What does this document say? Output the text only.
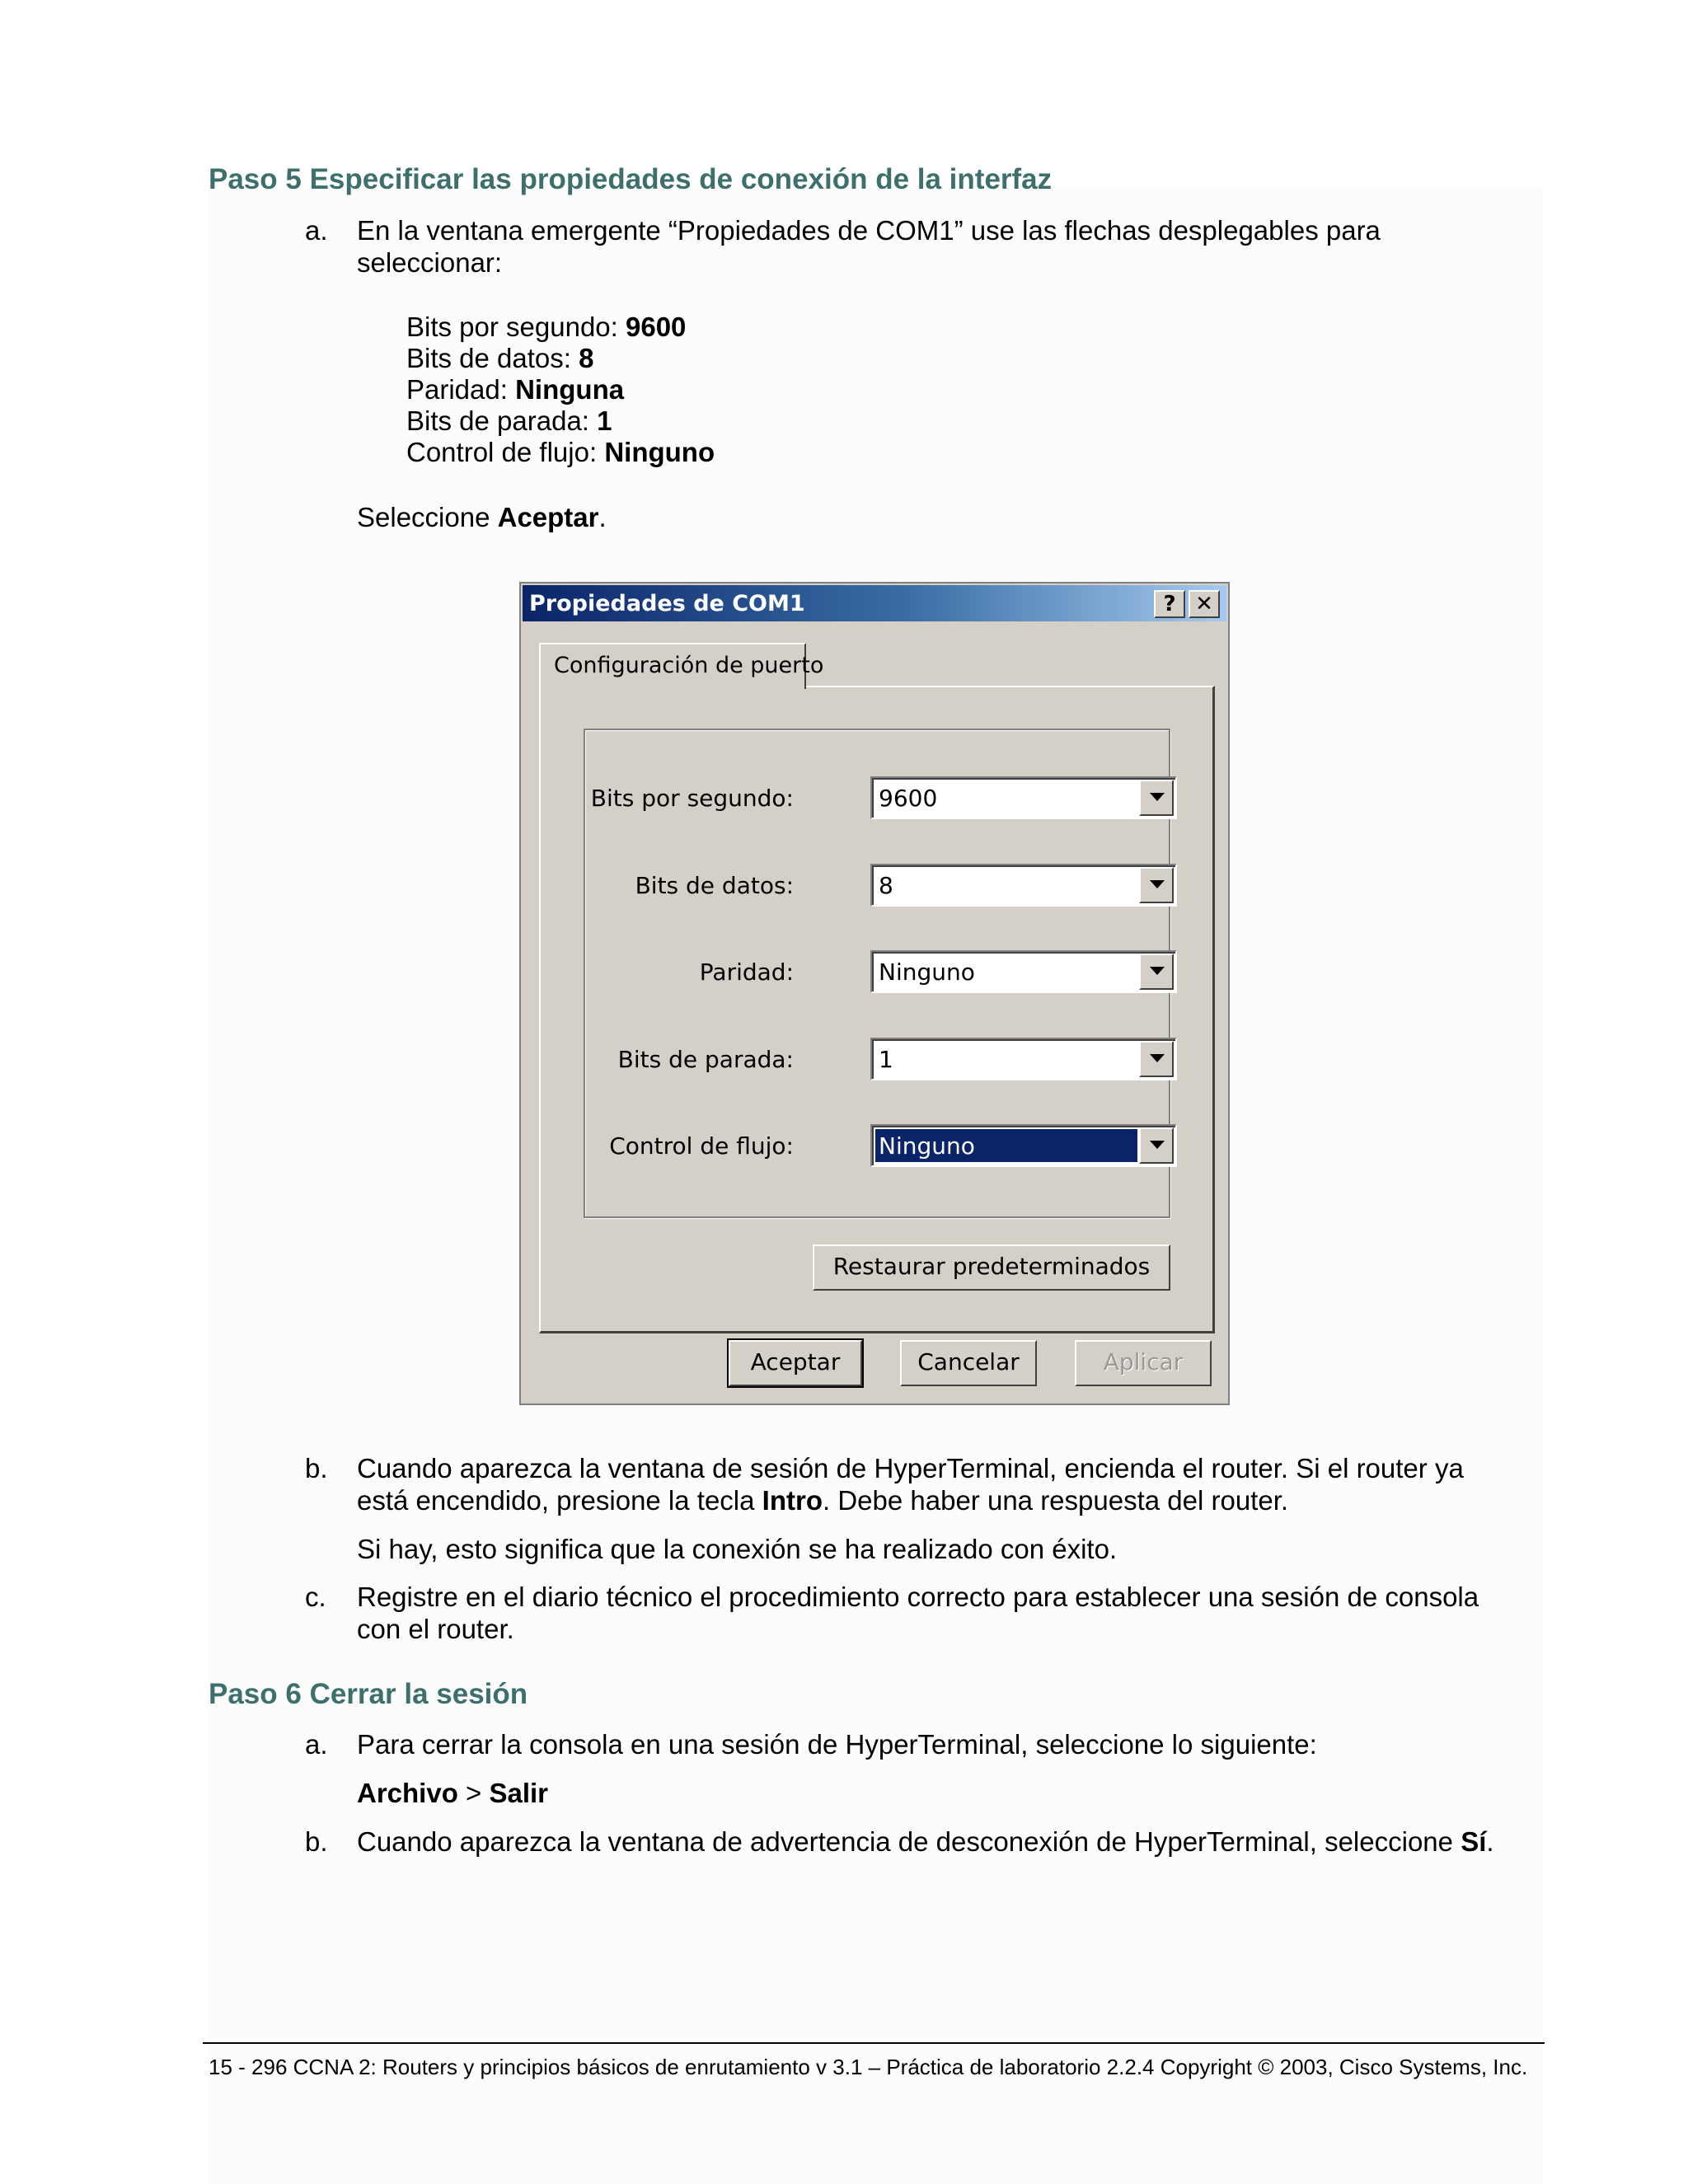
Paso 5 Especificar las propiedades de conexión de la interfaz
a. En la ventana emergente “Propiedades de COM1” use las flechas desplegables para
seleccionar:
Bits por segundo: 9600
Bits de datos: 8
Paridad: Ninguna
Bits de parada: 1
Control de flujo: Ninguno
Seleccione Aceptar.
Propiedades de COM1	? ✕
Configuración de puerto
Bits por segundo:	9600
Bits de datos:	8
Paridad:	Ninguno
Bits de parada:	1
Control de flujo:	Ninguno
Restaurar predeterminados
Aceptar	Cancelar	Aplicar
b. Cuando aparezca la ventana de sesión de HyperTerminal, encienda el router. Si el router ya
está encendido, presione la tecla Intro. Debe haber una respuesta del router.
Si hay, esto significa que la conexión se ha realizado con éxito.
c. Registre en el diario técnico el procedimiento correcto para establecer una sesión de consola
con el router.
Paso 6 Cerrar la sesión
a. Para cerrar la consola en una sesión de HyperTerminal, seleccione lo siguiente:
Archivo > Salir
b. Cuando aparezca la ventana de advertencia de desconexión de HyperTerminal, seleccione Sí.
15 - 296 CCNA 2: Routers y principios básicos de enrutamiento v 3.1 – Práctica de laboratorio 2.2.4 Copyright © 2003, Cisco Systems, Inc.
